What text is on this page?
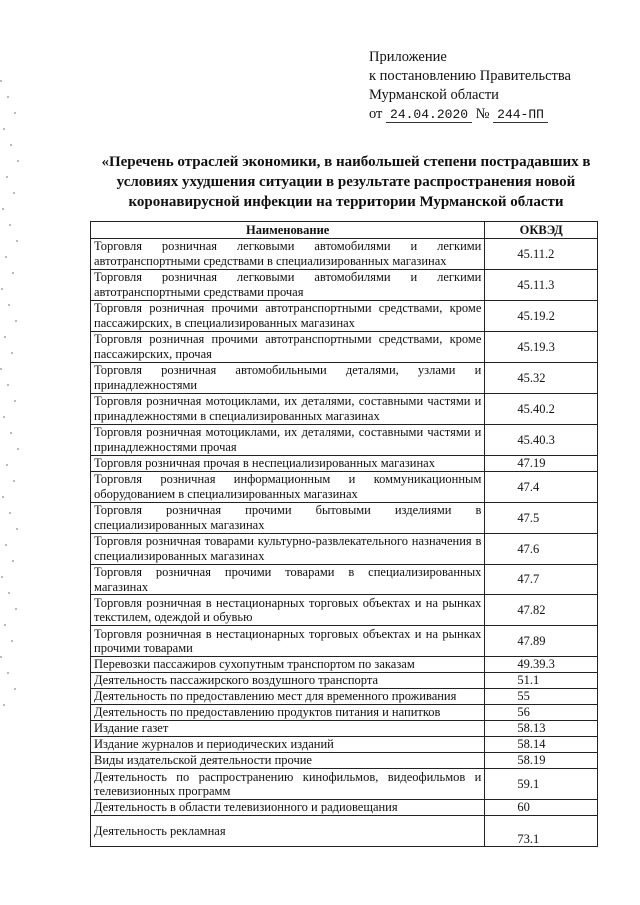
Приложение
к постановлению Правительства
Мурманской области
от 24.04.2020 № 244-ПП
«Перечень отраслей экономики, в наибольшей степени пострадавших в условиях ухудшения ситуации в результате распространения новой коронавирусной инфекции на территории Мурманской области
Наименование	ОКВЭД
Торговля розничная легковыми автомобилями и легкими автотранспортными средствами в специализированных магазинах	45.11.2
Торговля розничная легковыми автомобилями и легкими автотранспортными средствами прочая	45.11.3
Торговля розничная прочими автотранспортными средствами, кроме пассажирских, в специализированных магазинах	45.19.2
Торговля розничная прочими автотранспортными средствами, кроме пассажирских, прочая	45.19.3
Торговля розничная автомобильными деталями, узлами и принадлежностями	45.32
Торговля розничная мотоциклами, их деталями, составными частями и принадлежностями в специализированных магазинах	45.40.2
Торговля розничная мотоциклами, их деталями, составными частями и принадлежностями прочая	45.40.3
Торговля розничная прочая в неспециализированных магазинах	47.19
Торговля розничная информационным и коммуникационным оборудованием в специализированных магазинах	47.4
Торговля розничная прочими бытовыми изделиями в специализированных магазинах	47.5
Торговля розничная товарами культурно-развлекательного назначения в специализированных магазинах	47.6
Торговля розничная прочими товарами в специализированных магазинах	47.7
Торговля розничная в нестационарных торговых объектах и на рынках текстилем, одеждой и обувью	47.82
Торговля розничная в нестационарных торговых объектах и на рынках прочими товарами	47.89
Перевозки пассажиров сухопутным транспортом по заказам	49.39.3
Деятельность пассажирского воздушного транспорта	51.1
Деятельность по предоставлению мест для временного проживания	55
Деятельность по предоставлению продуктов питания и напитков	56
Издание газет	58.13
Издание журналов и периодических изданий	58.14
Виды издательской деятельности прочие	58.19
Деятельность по распространению кинофильмов, видеофильмов и телевизионных программ	59.1
Деятельность в области телевизионного и радиовещания	60
Деятельность рекламная	73.1
